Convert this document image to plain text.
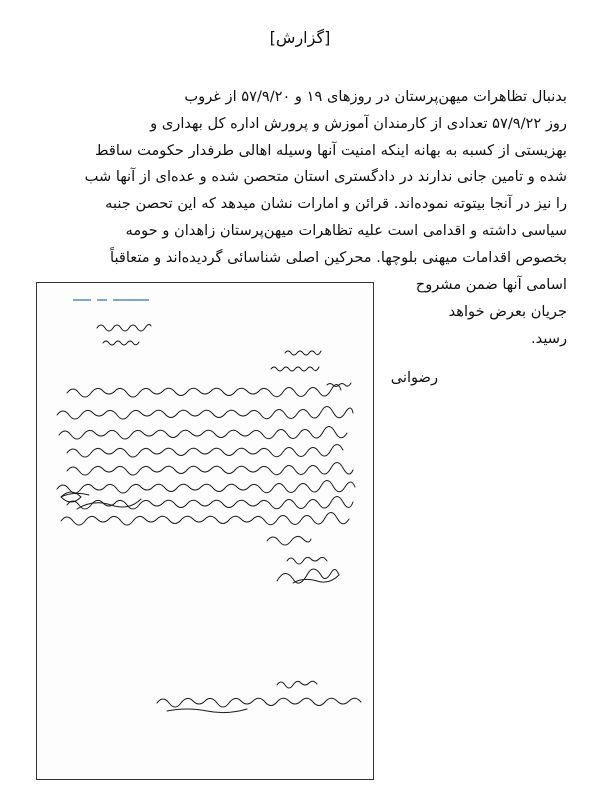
[گزارش]
بدنبال تظاهرات میهن‌پرستان در روزهای ۱۹ و ۵۷/۹/۲۰ از غروب
روز ۵۷/۹/۲۲ تعدادی از کارمندان آموزش و پرورش اداره کل بهداری و
بهزیستی از کسبه به بهانه اینکه امنیت آنها وسیله اهالی طرفدار حکومت ساقط
شده و تامین جانی ندارند در دادگستری استان متحصن شده و عده‌ای از آنها شب
را نیز در آنجا بیتوته نموده‌اند. قرائن و امارات نشان میدهد که این تحصن جنبه
سیاسی داشته و اقدامی است علیه تظاهرات میهن‌پرستان زاهدان و حومه
بخصوص اقدامات میهنی بلوچها. محرکین اصلی شناسائی گردیده‌اند و متعاقباً
اسامی آنها ضمن مشروح
جریان بعرض خواهد
رسید.
رضوانی
